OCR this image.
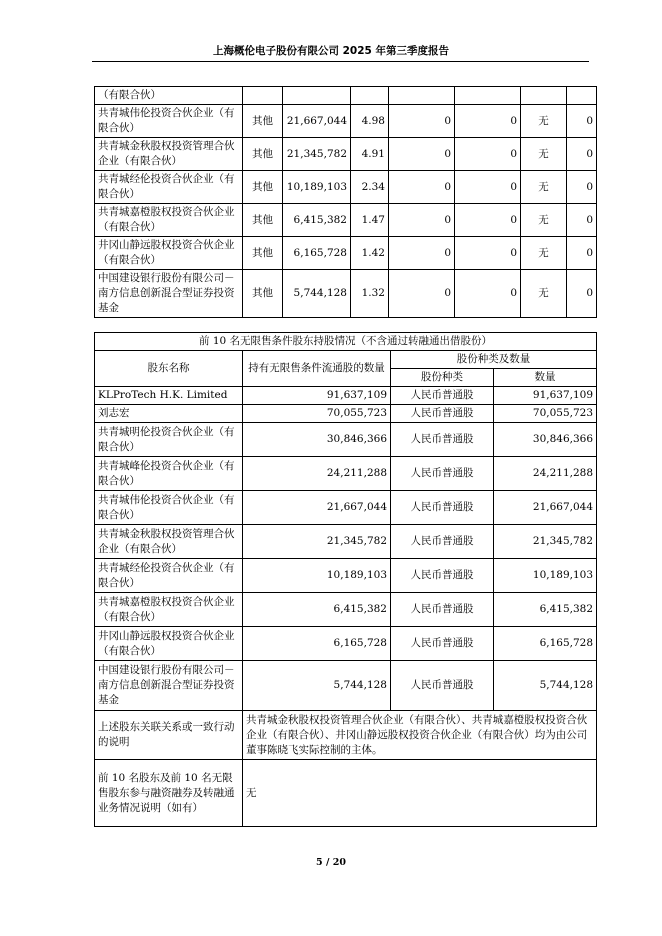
上海概伦电子股份有限公司 2025 年第三季度报告
（有限合伙）							
共青城伟伦投资合伙企业（有限合伙）	其他	21,667,044	4.98	0	0	无	0
共青城金秋股权投资管理合伙企业（有限合伙）	其他	21,345,782	4.91	0	0	无	0
共青城经伦投资合伙企业（有限合伙）	其他	10,189,103	2.34	0	0	无	0
共青城嘉橙股权投资合伙企业（有限合伙）	其他	6,415,382	1.47	0	0	无	0
井冈山静远股权投资合伙企业（有限合伙）	其他	6,165,728	1.42	0	0	无	0
中国建设银行股份有限公司－南方信息创新混合型证券投资基金	其他	5,744,128	1.32	0	0	无	0
前 10 名无限售条件股东持股情况（不含通过转融通出借股份）			
股东名称	持有无限售条件流通股的数量	股份种类及数量	
		股份种类	数量
KLProTech H.K. Limited	91,637,109	人民币普通股	91,637,109
刘志宏	70,055,723	人民币普通股	70,055,723
共青城明伦投资合伙企业（有限合伙）	30,846,366	人民币普通股	30,846,366
共青城峰伦投资合伙企业（有限合伙）	24,211,288	人民币普通股	24,211,288
共青城伟伦投资合伙企业（有限合伙）	21,667,044	人民币普通股	21,667,044
共青城金秋股权投资管理合伙企业（有限合伙）	21,345,782	人民币普通股	21,345,782
共青城经伦投资合伙企业（有限合伙）	10,189,103	人民币普通股	10,189,103
共青城嘉橙股权投资合伙企业（有限合伙）	6,415,382	人民币普通股	6,415,382
井冈山静远股权投资合伙企业（有限合伙）	6,165,728	人民币普通股	6,165,728
中国建设银行股份有限公司－南方信息创新混合型证券投资基金	5,744,128	人民币普通股	5,744,128
上述股东关联关系或一致行动的说明	共青城金秋股权投资管理合伙企业（有限合伙）、共青城嘉橙股权投资合伙企业（有限合伙）、井冈山静远股权投资合伙企业（有限合伙）均为由公司董事陈晓飞实际控制的主体。		
前 10 名股东及前 10 名无限售股东参与融资融券及转融通业务情况说明（如有）	无		
5 / 20
